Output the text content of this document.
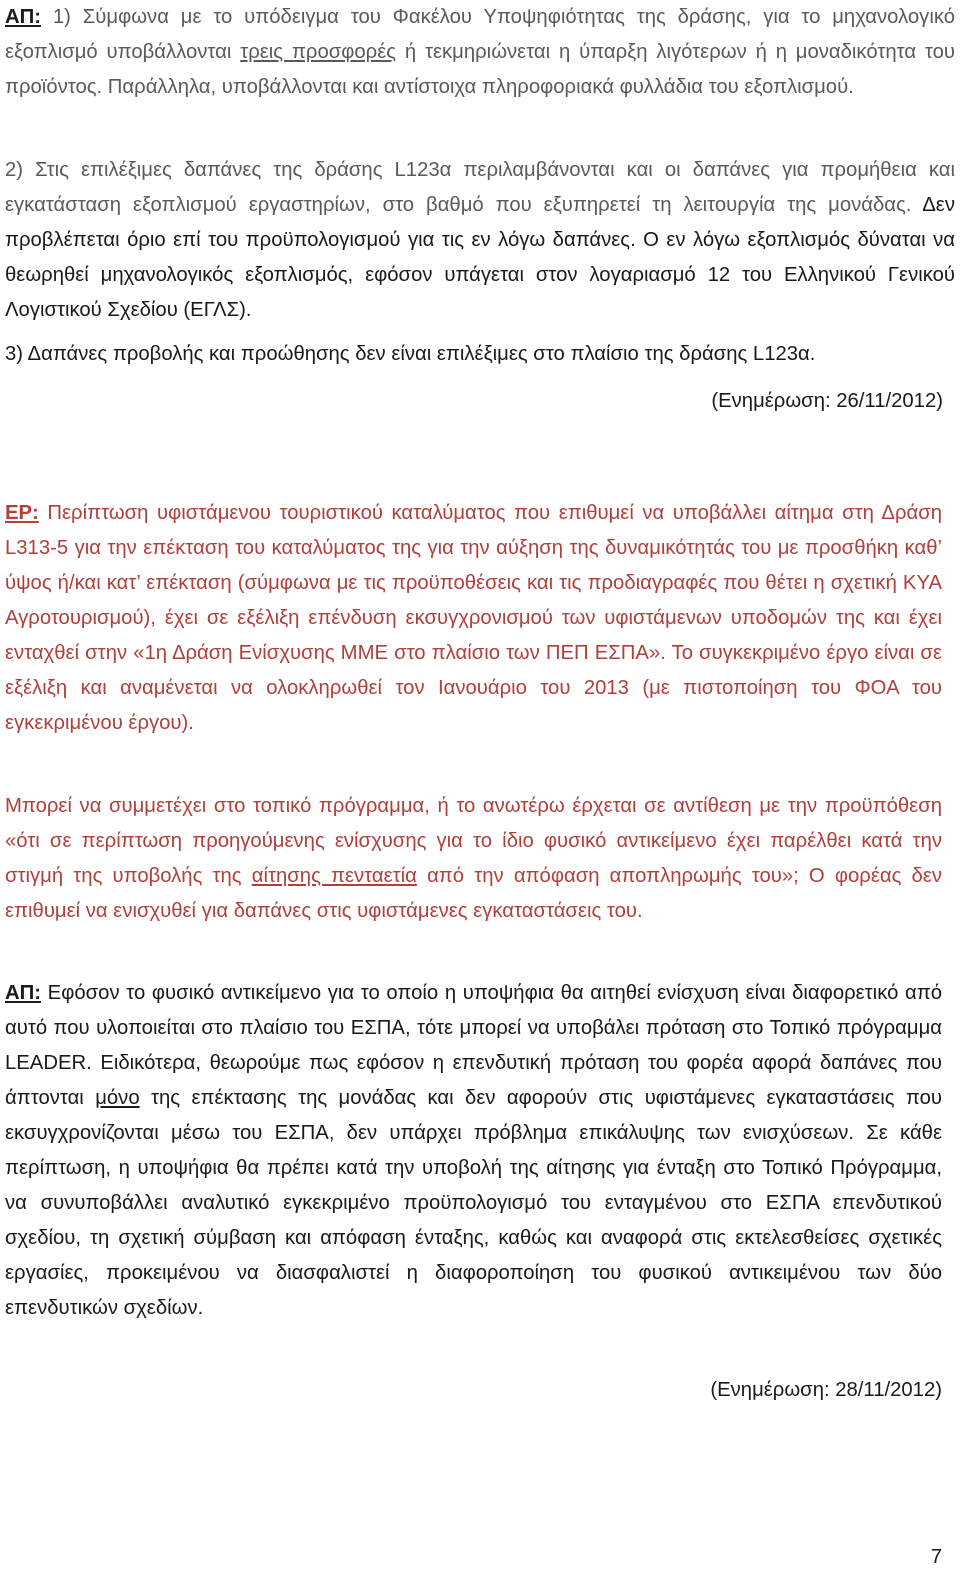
ΑΠ: 1) Σύμφωνα με το υπόδειγμα του Φακέλου Υποψηφιότητας της δράσης, για το μηχανολογικό εξοπλισμό υποβάλλονται τρεις προσφορές ή τεκμηριώνεται η ύπαρξη λιγότερων ή η μοναδικότητα του προϊόντος. Παράλληλα, υποβάλλονται και αντίστοιχα πληροφοριακά φυλλάδια του εξοπλισμού.

2) Στις επιλέξιμες δαπάνες της δράσης L123α περιλαμβάνονται και οι δαπάνες για προμήθεια και εγκατάσταση εξοπλισμού εργαστηρίων, στο βαθμό που εξυπηρετεί τη λειτουργία της μονάδας. Δεν προβλέπεται όριο επί του προϋπολογισμού για τις εν λόγω δαπάνες. Ο εν λόγω εξοπλισμός δύναται να θεωρηθεί μηχανολογικός εξοπλισμός, εφόσον υπάγεται στον λογαριασμό 12 του Ελληνικού Γενικού Λογιστικού Σχεδίου (ΕΓΛΣ).

3) Δαπάνες προβολής και προώθησης δεν είναι επιλέξιμες στο πλαίσιο της δράσης L123α.

(Ενημέρωση: 26/11/2012)

ΕΡ: Περίπτωση υφιστάμενου τουριστικού καταλύματος που επιθυμεί να υποβάλλει αίτημα στη Δράση L313-5 για την επέκταση του καταλύματος της για την αύξηση της δυναμικότητάς του με προσθήκη καθ’ ύψος ή/και κατ’ επέκταση (σύμφωνα με τις προϋποθέσεις και τις προδιαγραφές που θέτει η σχετική ΚΥΑ Αγροτουρισμού), έχει σε εξέλιξη επένδυση εκσυγχρονισμού των υφιστάμενων υποδομών της και έχει ενταχθεί στην «1η Δράση Ενίσχυσης ΜΜΕ στο πλαίσιο των ΠΕΠ ΕΣΠΑ». Το συγκεκριμένο έργο είναι σε εξέλιξη και αναμένεται να ολοκληρωθεί τον Ιανουάριο του 2013 (με πιστοποίηση του ΦΟΑ του εγκεκριμένου έργου).

Μπορεί να συμμετέχει στο τοπικό πρόγραμμα, ή το ανωτέρω έρχεται σε αντίθεση με την προϋπόθεση «ότι σε περίπτωση προηγούμενης ενίσχυσης για το ίδιο φυσικό αντικείμενο έχει παρέλθει κατά την στιγμή της υποβολής της αίτησης πενταετία από την απόφαση αποπληρωμής του»; Ο φορέας δεν επιθυμεί να ενισχυθεί για δαπάνες στις υφιστάμενες εγκαταστάσεις του.

ΑΠ: Εφόσον το φυσικό αντικείμενο για το οποίο η υποψήφια θα αιτηθεί ενίσχυση είναι διαφορετικό από αυτό που υλοποιείται στο πλαίσιο του ΕΣΠΑ, τότε μπορεί να υποβάλει πρόταση στο Τοπικό πρόγραμμα LEADER. Ειδικότερα, θεωρούμε πως εφόσον η επενδυτική πρόταση του φορέα αφορά δαπάνες που άπτονται μόνο της επέκτασης της μονάδας και δεν αφορούν στις υφιστάμενες εγκαταστάσεις που εκσυγχρονίζονται μέσω του ΕΣΠΑ, δεν υπάρχει πρόβλημα επικάλυψης των ενισχύσεων. Σε κάθε περίπτωση, η υποψήφια θα πρέπει κατά την υποβολή της αίτησης για ένταξη στο Τοπικό Πρόγραμμα, να συνυποβάλλει αναλυτικό εγκεκριμένο προϋπολογισμό του ενταγμένου στο ΕΣΠΑ επενδυτικού σχεδίου, τη σχετική σύμβαση και απόφαση ένταξης, καθώς και αναφορά στις εκτελεσθείσες σχετικές εργασίες, προκειμένου να διασφαλιστεί η διαφοροποίηση του φυσικού αντικειμένου των δύο επενδυτικών σχεδίων.

(Ενημέρωση: 28/11/2012)

7
